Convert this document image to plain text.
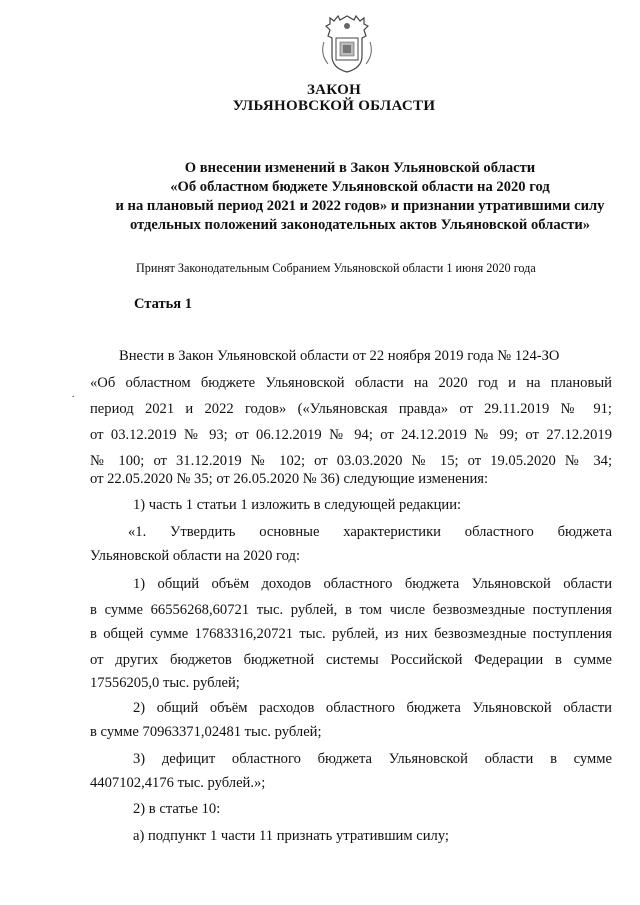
ЗАКОН
УЛЬЯНОВСКОЙ ОБЛАСТИ
О внесении изменений в Закон Ульяновской области
«Об областном бюджете Ульяновской области на 2020 год
и на плановый период 2021 и 2022 годов» и признании утратившими силу
отдельных положений законодательных актов Ульяновской области»
Принят Законодательным Собранием Ульяновской области 1 июня 2020 года
Статья 1
Внести в Закон Ульяновской области от 22 ноября 2019 года № 124-ЗО
«Об областном бюджете Ульяновской области на 2020 год и на плановый
˙
период 2021 и 2022 годов» («Ульяновская правда» от 29.11.2019 № 91;
от 03.12.2019 № 93; от 06.12.2019 № 94; от 24.12.2019 № 99; от 27.12.2019
№ 100; от 31.12.2019 № 102; от 03.03.2020 № 15; от 19.05.2020 № 34;
от 22.05.2020 № 35; от 26.05.2020 № 36) следующие изменения:
1) часть 1 статьи 1 изложить в следующей редакции:
«1. Утвердить основные характеристики областного бюджета
Ульяновской области на 2020 год:
1) общий объём доходов областного бюджета Ульяновской области
в сумме 66556268,60721 тыс. рублей, в том числе безвозмездные поступления
в общей сумме 17683316,20721 тыс. рублей, из них безвозмездные поступления
от других бюджетов бюджетной системы Российской Федерации в сумме
17556205,0 тыс. рублей;
2) общий объём расходов областного бюджета Ульяновской области
в сумме 70963371,02481 тыс. рублей;
3) дефицит областного бюджета Ульяновской области в сумме
4407102,4176 тыс. рублей.»;
2) в статье 10:
а) подпункт 1 части 11 признать утратившим силу;
